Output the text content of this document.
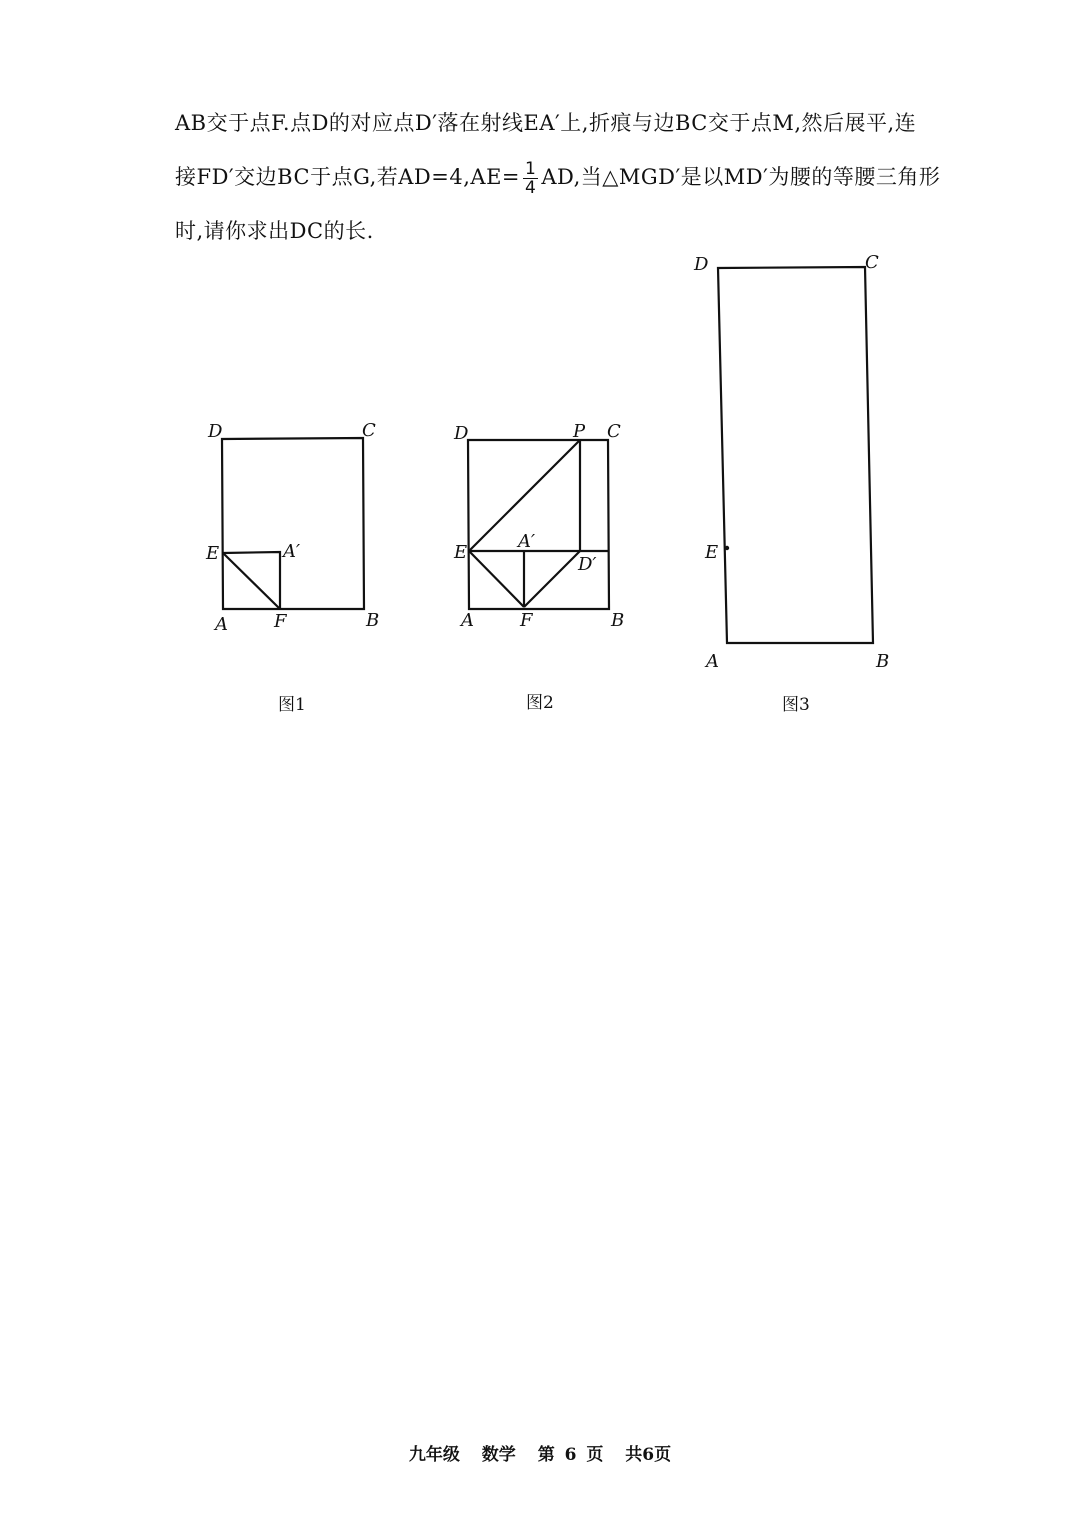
AB交于点F.点D的对应点D′落在射线EA′上,折痕与边BC交于点M,然后展平,连
接FD′交边BC于点G,若$AD=4,AE= \frac{1}{4}$ AD,当△MGD′是以MD′为腰的等腰三角形
时,请你求出DC的长.
D	C
E	A′
A	F	B
图1
D	P C
E
A′
D′
A	F	B
图2
D	C
E
A	B
图3
九年级 数学 第 6 页 共6页
